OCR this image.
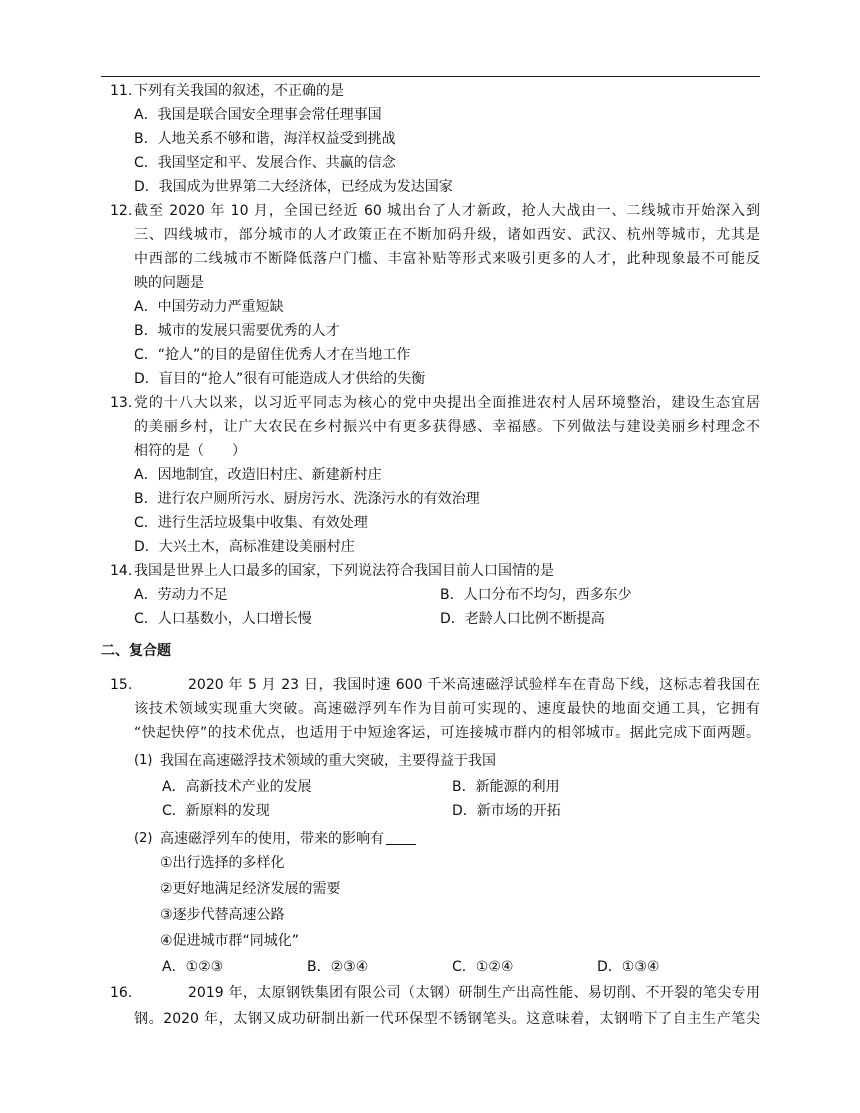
11. 下列有关我国的叙述，不正确的是
A．我国是联合国安全理事会常任理事国
B．人地关系不够和谐，海洋权益受到挑战
C．我国坚定和平、发展合作、共赢的信念
D．我国成为世界第二大经济体，已经成为发达国家
12. 截至 2020 年 10 月，全国已经近 60 城出台了人才新政，抢人大战由一、二线城市开始深入到
三、四线城市，部分城市的人才政策正在不断加码升级，诸如西安、武汉、杭州等城市，尤其是
中西部的二线城市不断降低落户门槛、丰富补贴等形式来吸引更多的人才，此种现象最不可能反
映的问题是
A．中国劳动力严重短缺
B．城市的发展只需要优秀的人才
C．“抢人”的目的是留住优秀人才在当地工作
D．盲目的“抢人”很有可能造成人才供给的失衡
13. 党的十八大以来，以习近平同志为核心的党中央提出全面推进农村人居环境整治，建设生态宜居
的美丽乡村，让广大农民在乡村振兴中有更多获得感、幸福感。下列做法与建设美丽乡村理念不
相符的是（　　）
A．因地制宜，改造旧村庄、新建新村庄
B．进行农户厕所污水、厨房污水、洗涤污水的有效治理
C．进行生活垃圾集中收集、有效处理
D．大兴土木，高标准建设美丽村庄
14. 我国是世界上人口最多的国家，下列说法符合我国目前人口国情的是
A．劳动力不足	B．人口分布不均匀，西多东少
C．人口基数小，人口增长慢	D．老龄人口比例不断提高
二、复合题
15.	2020 年 5 月 23 日，我国时速 600 千米高速磁浮试验样车在青岛下线，这标志着我国在
该技术领域实现重大突破。高速磁浮列车作为目前可实现的、速度最快的地面交通工具，它拥有
“快起快停”的技术优点，也适用于中短途客运，可连接城市群内的相邻城市。据此完成下面两题。
(1) 我国在高速磁浮技术领域的重大突破，主要得益于我国
A．高新技术产业的发展	B．新能源的利用
C．新原料的发现	D．新市场的开拓
(2) 高速磁浮列车的使用，带来的影响有
①出行选择的多样化
②更好地满足经济发展的需要
③逐步代替高速公路
④促进城市群“同城化”
A．①②③	B．②③④	C．①②④	D．①③④
16.	2019 年，太原钢铁集团有限公司（太钢）研制生产出高性能、易切削、不开裂的笔尖专用
钢。2020 年，太钢又成功研制出新一代环保型不锈钢笔头。这意味着，太钢啃下了自主生产笔尖
